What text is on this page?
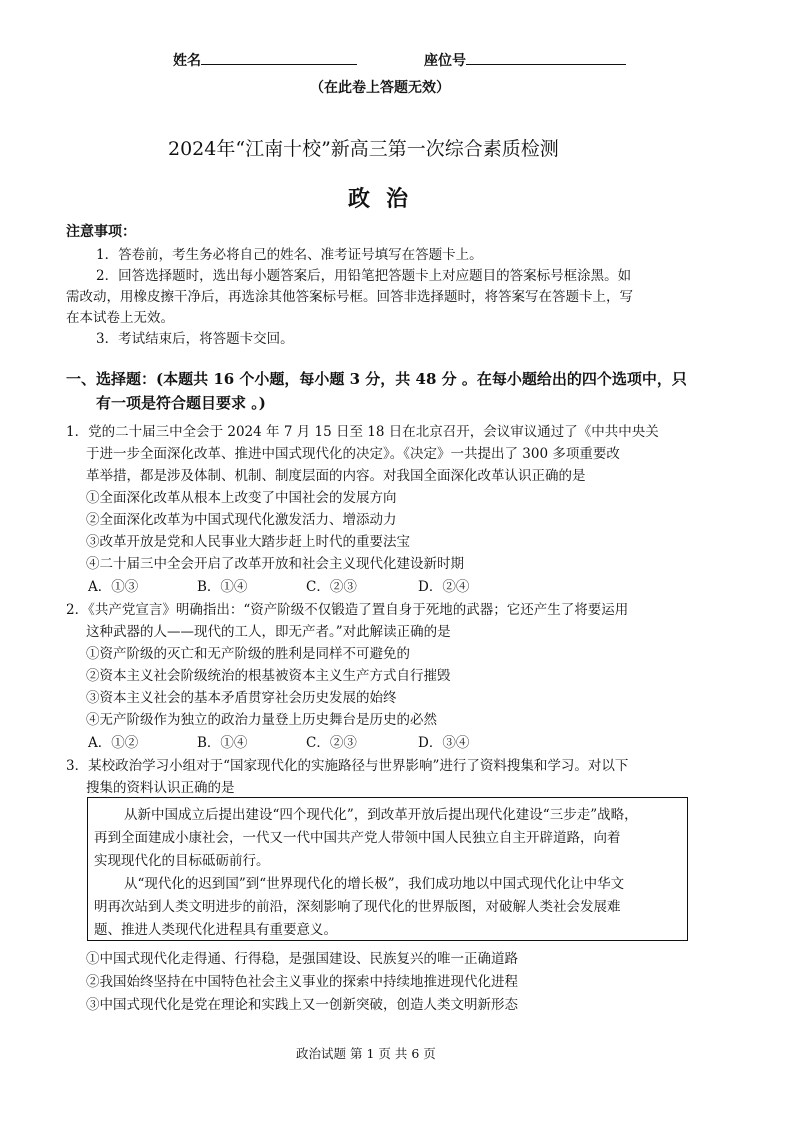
姓名	座位号
（在此卷上答题无效）
2024年“江南十校”新高三第一次综合素质检测
政治
注意事项：
1．答卷前，考生务必将自己的姓名、准考证号填写在答题卡上。
2．回答选择题时，选出每小题答案后，用铅笔把答题卡上对应题目的答案标号框涂黑。如
需改动，用橡皮擦干净后，再选涂其他答案标号框。回答非选择题时，将答案写在答题卡上，写
在本试卷上无效。
3．考试结束后，将答题卡交回。
一、选择题：(本题共 16 个小题，每小题 3 分，共 48 分 。在每小题给出的四个选项中，只
有一项是符合题目要求 。)
1．党的二十届三中全会于 2024 年 7 月 15 日至 18 日在北京召开，会议审议通过了《中共中央关
于进一步全面深化改革、推进中国式现代化的决定》。《决定》一共提出了 300 多项重要改
革举措，都是涉及体制、机制、制度层面的内容。对我国全面深化改革认识正确的是
①全面深化改革从根本上改变了中国社会的发展方向
②全面深化改革为中国式现代化激发活力、增添动力
③改革开放是党和人民事业大踏步赶上时代的重要法宝
④二十届三中全会开启了改革开放和社会主义现代化建设新时期
A．①③	B．①④	C．②③	D．②④
2．《共产党宣言》明确指出：“资产阶级不仅锻造了置自身于死地的武器；它还产生了将要运用
这种武器的人——现代的工人，即无产者。”对此解读正确的是
①资产阶级的灭亡和无产阶级的胜利是同样不可避免的
②资本主义社会阶级统治的根基被资本主义生产方式自行摧毁
③资本主义社会的基本矛盾贯穿社会历史发展的始终
④无产阶级作为独立的政治力量登上历史舞台是历史的必然
A．①②	B．①④	C．②③	D．③④
3．某校政治学习小组对于“国家现代化的实施路径与世界影响”进行了资料搜集和学习。对以下
搜集的资料认识正确的是
从新中国成立后提出建设“四个现代化”，到改革开放后提出现代化建设“三步走”战略，
再到全面建成小康社会，一代又一代中国共产党人带领中国人民独立自主开辟道路，向着
实现现代化的目标砥砺前行。
从“现代化的迟到国”到“世界现代化的增长极”，我们成功地以中国式现代化让中华文
明再次站到人类文明进步的前沿，深刻影响了现代化的世界版图，对破解人类社会发展难
题、推进人类现代化进程具有重要意义。
①中国式现代化走得通、行得稳，是强国建设、民族复兴的唯一正确道路
②我国始终坚持在中国特色社会主义事业的探索中持续地推进现代化进程
③中国式现代化是党在理论和实践上又一创新突破，创造人类文明新形态
政治试题 第 1 页 共 6 页
